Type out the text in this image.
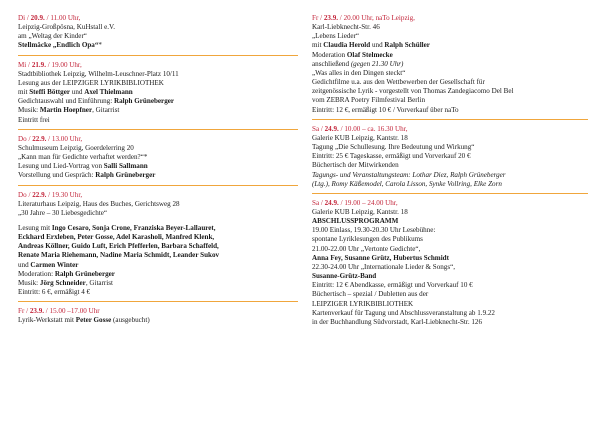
Di / 20.9. / 11.00 Uhr,
Leipzig-Großpösna, KuHstall e.V.
am „Weltag der Kinder“
Stellmäcke „Endlich Opa“*
Mi / 21.9. / 19.00 Uhr,
Stadtbibliothek Leipzig, Wilhelm-Leuschner-Platz 10/11
Lesung aus der LEIPZIGER LYRIKBIBLIOTHEK
mit Steffi Böttger und Axel Thielmann
Gedichtauswahl und Einführung: Ralph Grüneberger
Musik: Martin Hoepfner, Gitarrist
Eintritt frei
Do / 22.9. / 13.00 Uhr,
Schulmuseum Leipzig, Goerdelerring 20
„Kann man für Gedichte verhaftet werden?“*
Lesung und Lied-Vortrag von Salli Sallmann
Vorstellung und Gespräch: Ralph Grüneberger
Do / 22.9. / 19.30 Uhr,
Literaturhaus Leipzig, Haus des Buches, Gerichtsweg 28
„30 Jahre – 30 Liebesgedichte“
Lesung mit Ingo Cesaro, Sonja Crone, Franziska Beyer-Lallauret,
Eckhard Erxleben, Peter Gosse, Adel Karasholi, Manfred Klenk,
Andreas Köllner, Guido Luft, Erich Pfefferlen, Barbara Schaffeld,
Renate Maria Riehemann, Nadine Maria Schmidt, Leander Sukov
und Carmen Winter
Moderation: Ralph Grüneberger
Musik: Jörg Schneider, Gitarrist
Eintritt: 6 €, ermäßigt 4 €
Fr / 23.9. / 15.00 –17.00 Uhr
Lyrik-Werkstatt mit Peter Gosse (ausgebucht)
Fr / 23.9. / 20.00 Uhr, naTo Leipzig,
Karl-Liebknecht-Str. 46
„Lebens Lieder“
mit Claudia Herold und Ralph Schüller
Moderation Olaf Stelmecke
anschließend (gegen 21.30 Uhr)
„Was alles in den Dingen steckt“
Gedichtfilme u.a. aus den Wettbewerben der Gesellschaft für
zeitgenössische Lyrik - vorgestellt von Thomas Zandegiacomo Del Bel
vom ZEBRA Poetry Filmfestival Berlin
Eintritt: 12 €, ermäßigt 10 € / Vorverkauf über naTo
Sa / 24.9. / 10.00 – ca. 16.30 Uhr,
Galerie KUB Leipzig, Kantstr. 18
Tagung „Die Schullesung. Ihre Bedeutung und Wirkung“
Eintritt: 25 € Tageskasse, ermäßigt und Vorverkauf 20 €
Büchertisch der Mitwirkenden
Tagungs- und Veranstaltungsteam: Lothar Diez, Ralph Grüneberger
(Ltg.), Romy Käßemodel, Carola Lisson, Synke Vollring, Elke Zorn
Sa / 24.9. / 19.00 – 24.00 Uhr,
Galerie KUB Leipzig, Kantstr. 18
ABSCHLUSSPROGRAMM
19.00 Einlass, 19.30-20.30 Uhr Lesebühne:
spontane Lyriklesungen des Publikums
21.00-22.00 Uhr „Vertonte Gedichte“,
Anna Fey, Susanne Grütz, Hubertus Schmidt
22.30-24.00 Uhr „Internationale Lieder & Songs“,
Susanne-Grütz-Band
Eintritt: 12 € Abendkasse, ermäßigt und Vorverkauf 10 €
Büchertisch – spezial / Dubletten aus der
LEIPZIGER LYRIKBIBLIOTHEK
Kartenverkauf für Tagung und Abschlussveranstaltung ab 1.9.22
in der Buchhandlung Südvorstadt, Karl-Liebknecht-Str. 126
